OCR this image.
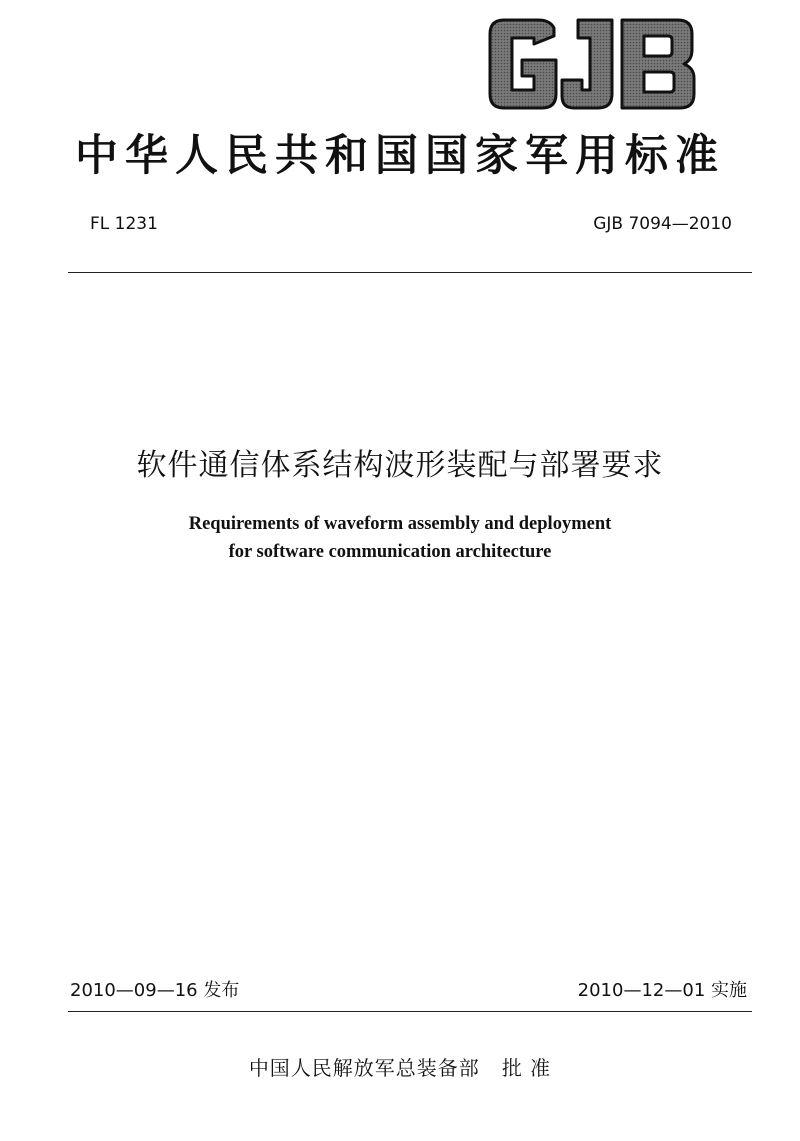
中华人民共和国国家军用标准
FL 1231	GJB 7094—2010
软件通信体系结构波形装配与部署要求
Requirements of waveform assembly and deployment
for software communication architecture
2010—09—16 发布	2010—12—01 实施
中国人民解放军总装备部 批 准
